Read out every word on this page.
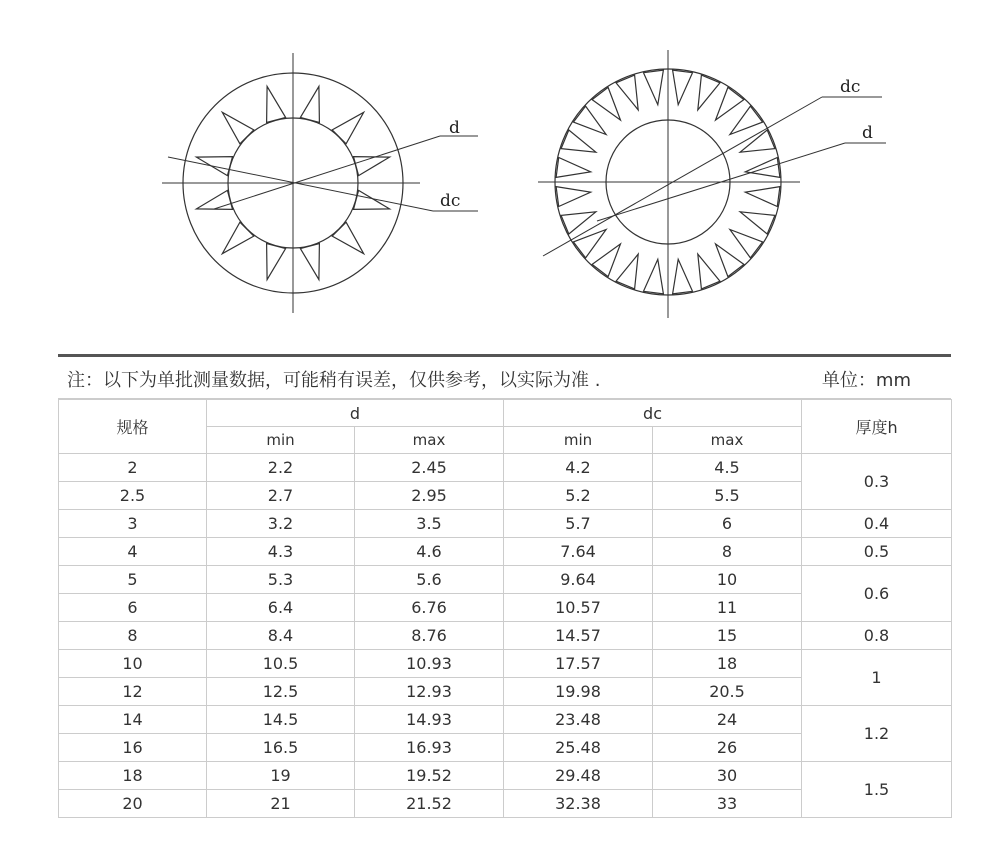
d
dc
dc
d
注：以下为单批测量数据，可能稍有误差，仅供参考，以实际为准 .	单位：mm
规格	d		dc		厚度h
	min	max	min	max	
2	2.2	2.45	4.2	4.5	0.3
2.5	2.7	2.95	5.2	5.5	
3	3.2	3.5	5.7	6	0.4
4	4.3	4.6	7.64	8	0.5
5	5.3	5.6	9.64	10	0.6
6	6.4	6.76	10.57	11	
8	8.4	8.76	14.57	15	0.8
10	10.5	10.93	17.57	18	1
12	12.5	12.93	19.98	20.5	
14	14.5	14.93	23.48	24	1.2
16	16.5	16.93	25.48	26	
18	19	19.52	29.48	30	1.5
20	21	21.52	32.38	33	
